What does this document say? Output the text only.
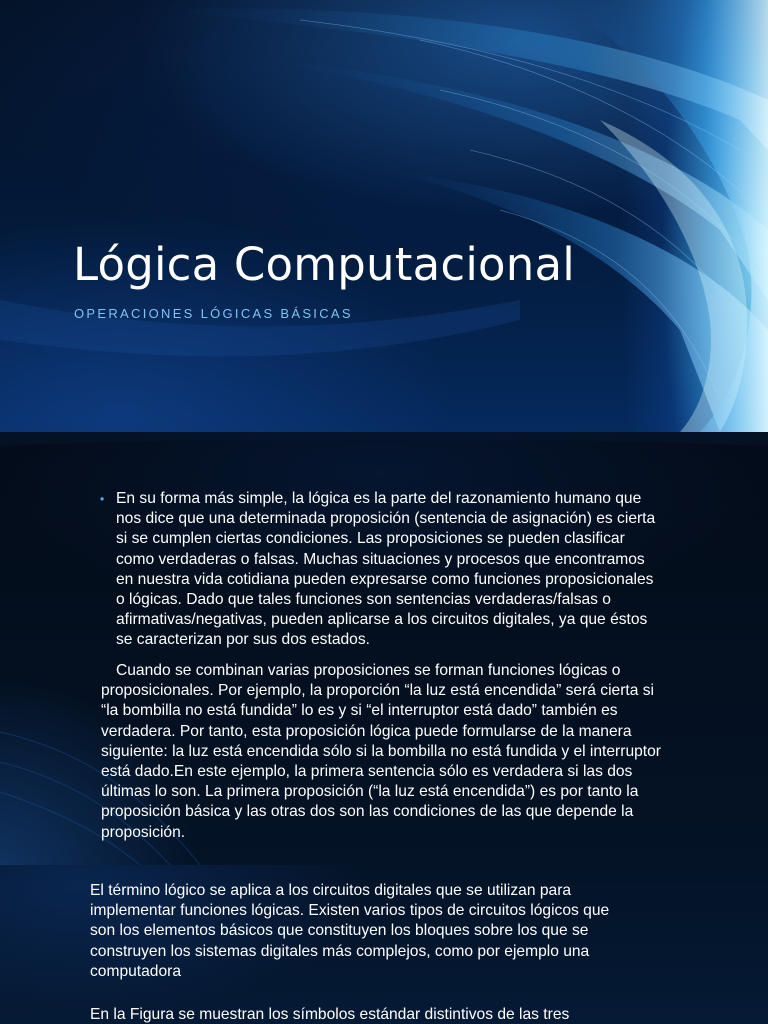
Lógica Computacional

OPERACIONES LÓGICAS BÁSICAS

• En su forma más simple, la lógica es la parte del razonamiento humano que nos dice que una determinada proposición (sentencia de asignación) es cierta si se cumplen ciertas condiciones. Las proposiciones se pueden clasificar como verdaderas o falsas. Muchas situaciones y procesos que encontramos en nuestra vida cotidiana pueden expresarse como funciones proposicionales o lógicas. Dado que tales funciones son sentencias verdaderas/falsas o afirmativas/negativas, pueden aplicarse a los circuitos digitales, ya que éstos se caracterizan por sus dos estados.

Cuando se combinan varias proposiciones se forman funciones lógicas o proposicionales. Por ejemplo, la proporción “la luz está encendida” será cierta si “la bombilla no está fundida” lo es y si “el interruptor está dado” también es verdadera. Por tanto, esta proposición lógica puede formularse de la manera siguiente: la luz está encendida sólo si la bombilla no está fundida y el interruptor está dado.En este ejemplo, la primera sentencia sólo es verdadera si las dos últimas lo son. La primera proposición (“la luz está encendida”) es por tanto la proposición básica y las otras dos son las condiciones de las que depende la proposición.

El término lógico se aplica a los circuitos digitales que se utilizan para implementar funciones lógicas. Existen varios tipos de circuitos lógicos que son los elementos básicos que constituyen los bloques sobre los que se construyen los sistemas digitales más complejos, como por ejemplo una computadora

En la Figura se muestran los símbolos estándar distintivos de las tres
